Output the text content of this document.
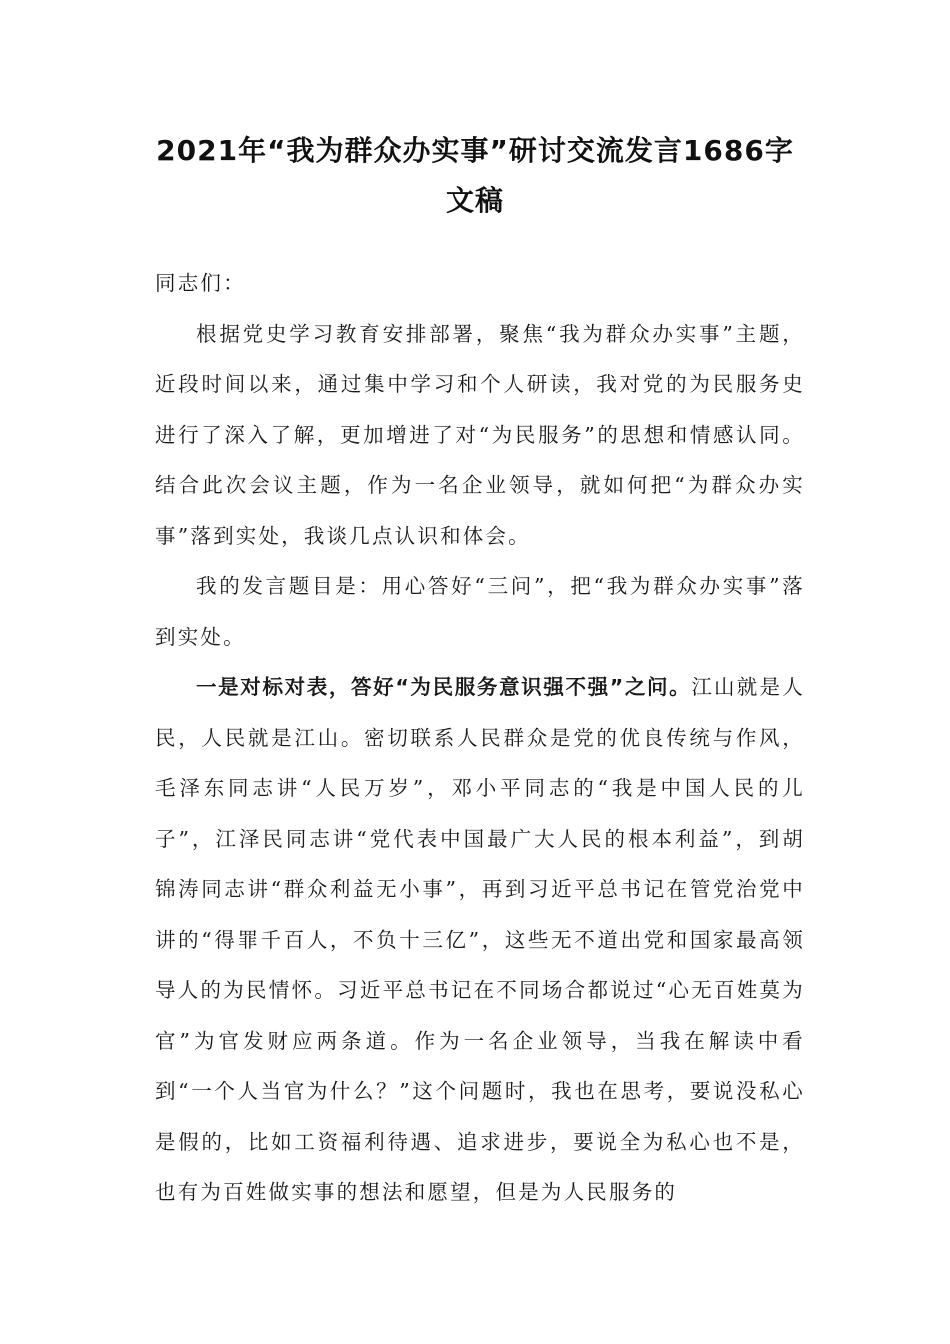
2021年“我为群众办实事”研讨交流发言1686字文稿

同志们：

根据党史学习教育安排部署，聚焦“我为群众办实事”主题，近段时间以来，通过集中学习和个人研读，我对党的为民服务史进行了深入了解，更加增进了对“为民服务”的思想和情感认同。结合此次会议主题，作为一名企业领导，就如何把“为群众办实事”落到实处，我谈几点认识和体会。

我的发言题目是：用心答好“三问”，把“我为群众办实事”落到实处。

一是对标对表，答好“为民服务意识强不强”之问。江山就是人民，人民就是江山。密切联系人民群众是党的优良传统与作风，毛泽东同志讲“人民万岁”，邓小平同志的“我是中国人民的儿子”，江泽民同志讲“党代表中国最广大人民的根本利益”，到胡锦涛同志讲“群众利益无小事”，再到习近平总书记在管党治党中讲的“得罪千百人，不负十三亿”，这些无不道出党和国家最高领导人的为民情怀。习近平总书记在不同场合都说过“心无百姓莫为官”为官发财应两条道。作为一名企业领导，当我在解读中看到“一个人当官为什么？”这个问题时，我也在思考，要说没私心是假的，比如工资福利待遇、追求进步，要说全为私心也不是，也有为百姓做实事的想法和愿望，但是为人民服务的
